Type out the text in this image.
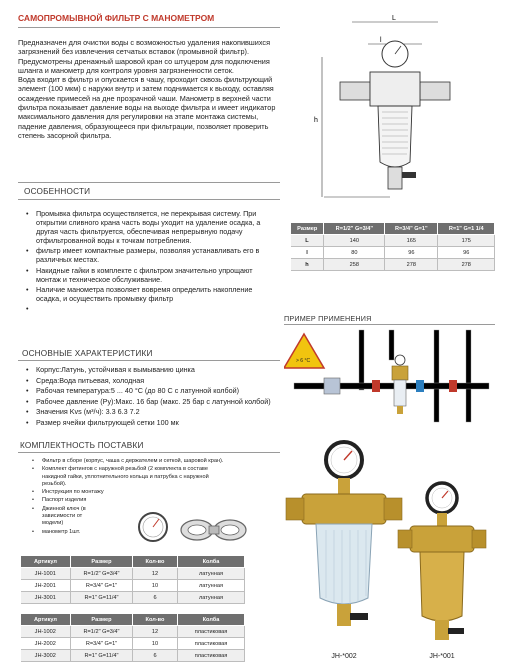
САМОПРОМЫВНОЙ ФИЛЬТР С МАНОМЕТРОМ

Предназначен для очистки воды с возможностью удаления накопившихся загрязнений без извлечения сетчатых вставок (промывной фильтр).

Предусмотрены дренажный шаровой кран со штуцером для подключения шланга и манометр для контроля уровня загрязненности сеток.

Вода входит в фильтр и опускается в чашу, проходит сквозь фильтрующий элемент (100 мкм) с наружи внутр и затем поднимается к выходу, оставляя осаждение примесей на дне прозрачной чаши. Манометр в верхней части фильтра показывает давление воды на выходе фильтра и имеет индикатор максимального давления для регулировки на этапе монтажа системы, падение давления, образующееся при фильтрации, позволяет проверить степень засорной фильтра.

ОСОБЕННОСТИ
• Промывка фильтра осуществляется, не перекрывая систему. При открытии сливного крана часть воды уходит на удаление осадка, а другая часть фильтруется, обеспечивая непрерывную подачу отфильтрованной воды к точкам потребления.
• фильтр имеет компактные размеры, позволяя устанавливать его в различных местах.
• Накидные гайки в комплекте с фильтром значительно упрощают монтаж и техническое обслуживание.
• Наличие манометра позволяет вовремя определить накопление осадка, и осуществить промывку фильтр
ОСНОВНЫЕ ХАРАКТЕРИСТИКИ
• Корпус:Латунь, устойчивая к вымыванию цинка
• Среда:Вода питьевая, холодная
• Рабочая температура:5 ... 40 °С (до 80 С с латунной колбой)
• Рабочее давление (Ру):Макс. 16 бар (макс. 25 бар с латунной колбой)
• Значения Kvs (м³/ч): 3.3 6.3 7.2
• Размер ячейки фильтрующей сетки 100 мк
КОМПЛЕКТНОСТЬ ПОСТАВКИ
• Фильтр в сборе (корпус, чаша с держателем и сеткой, шаровой кран).
• Комплект фитингов с наружной резьбой (2 комплекта в составе накидной гайки, уплотнительного кольца и патрубка с наружной резьбой).
• Инструкция по монтажу
• Паспорт изделия
• Джинной ключ (в зависимости от модели)
• манометр 1шт.
Артикул	Размер	Кол-во	Колба
JH-1001	R=1/2" G=3/4"	12	латунная
JH-2001	R=3/4" G=1"	10	латунная
JH-3001	R=1" G=11/4"	6	латунная
Артикул	Размер	Кол-во	Колба
JH-1002	R=1/2" G=3/4"	12	пластиковая
JH-2002	R=3/4" G=1"	10	пластиковая
JH-3002	R=1" G=11/4"	6	пластиковая
L
l
h
Размер	R=1/2" G=3/4"	R=3/4" G=1"	R=1" G=1 1/4
L	140	165	175
I	80	96	96
h	258	278	278
ПРИМЕР ПРИМЕНЕНИЯ
> 6 °C
JH-*002	JH-*001
